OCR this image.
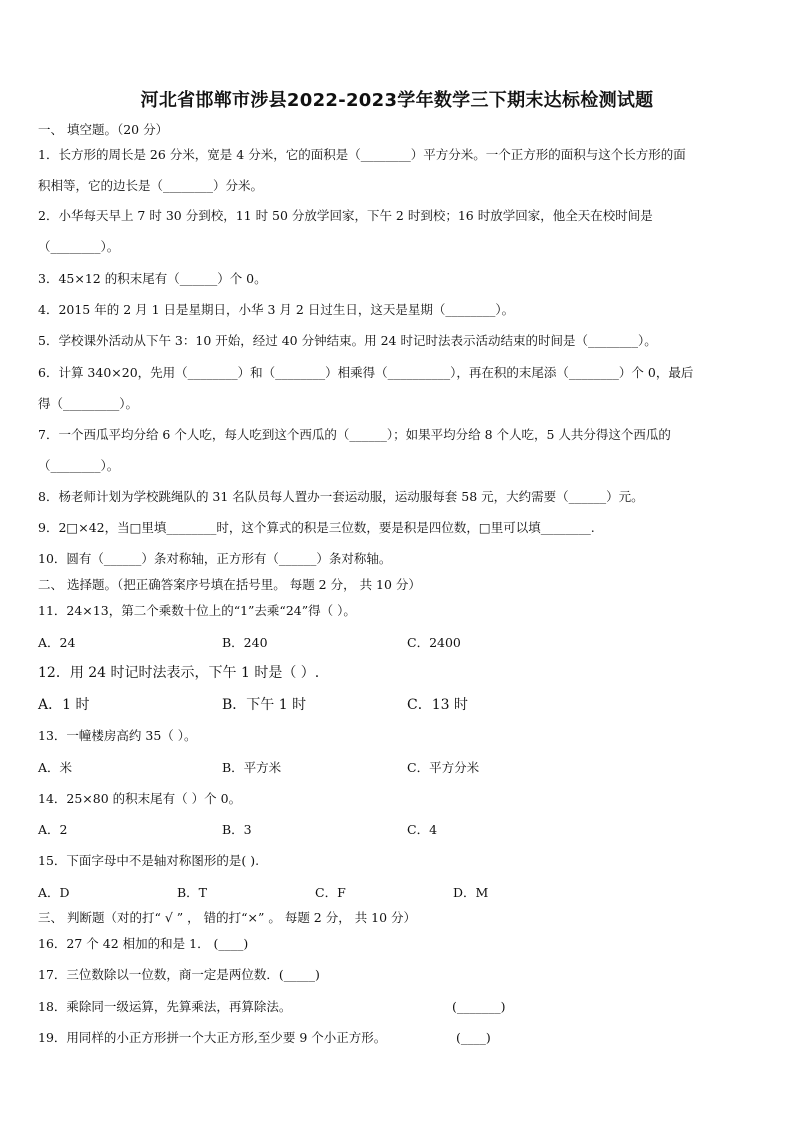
河北省邯郸市涉县2022-2023学年数学三下期末达标检测试题
一、 填空题。（20 分）
1．长方形的周长是 26 分米，宽是 4 分米，它的面积是（________）平方分米。一个正方形的面积与这个长方形的面
积相等，它的边长是（________）分米。
2．小华每天早上 7 时 30 分到校，11 时 50 分放学回家，下午 2 时到校；16 时放学回家，他全天在校时间是
（________）。
3．45×12 的积末尾有（______）个 0。
4．2015 年的 2 月 1 日是星期日，小华 3 月 2 日过生日，这天是星期（________）。
5．学校课外活动从下午 3：10 开始，经过 40 分钟结束。用 24 时记时法表示活动结束的时间是（________）。
6．计算 340×20，先用（________）和（________）相乘得（__________），再在积的末尾添（________）个 0，最后
得（_________）。
7．一个西瓜平均分给 6 个人吃，每人吃到这个西瓜的（______）；如果平均分给 8 个人吃，5 人共分得这个西瓜的
（________）。
8．杨老师计划为学校跳绳队的 31 名队员每人置办一套运动服，运动服每套 58 元，大约需要（______）元。
9．2□×42，当□里填________时，这个算式的积是三位数，要是积是四位数，□里可以填________.
10．圆有（______）条对称轴，正方形有（______）条对称轴。
二、 选择题。（把正确答案序号填在括号里。 每题 2 分， 共 10 分）
11．24×13，第二个乘数十位上的“1”去乘“24”得（ ）。
A．24	B．240	C．2400
12．用 24 时记时法表示，下午 1 时是（ ）.
A．1 时	B．下午 1 时	C．13 时
13．一幢楼房高约 35（ ）。
A．米	B．平方米	C．平方分米
14．25×80 的积末尾有（ ）个 0。
A．2	B．3	C．4
15．下面字母中不是轴对称图形的是( ).
A．D	B．T	C．F	D．M
三、 判断题（对的打“ √ ” ， 错的打“×” 。 每题 2 分， 共 10 分）
16．27 个 42 相加的和是 1． (____)
17．三位数除以一位数，商一定是两位数．(_____)
18．乘除同一级运算，先算乘法，再算除法。	(_______)
19．用同样的小正方形拼一个大正方形,至少要 9 个小正方形。	(____)
